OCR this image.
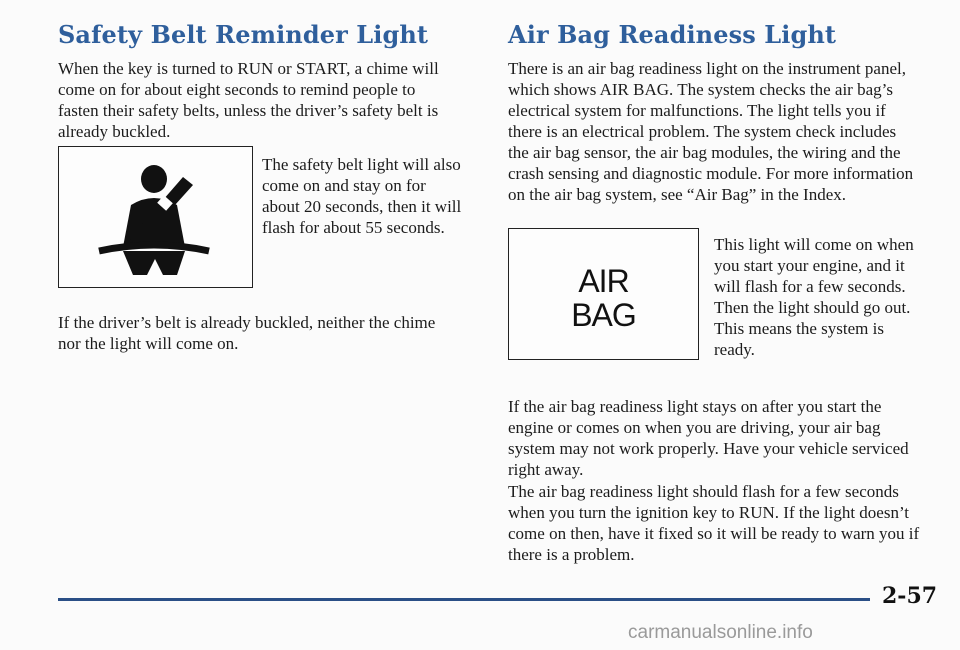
Safety Belt Reminder Light

When the key is turned to RUN or START, a chime will come on for about eight seconds to remind people to fasten their safety belts, unless the driver’s safety belt is already buckled.

The safety belt light will also come on and stay on for about 20 seconds, then it will flash for about 55 seconds.

If the driver’s belt is already buckled, neither the chime nor the light will come on.

Air Bag Readiness Light

There is an air bag readiness light on the instrument panel, which shows AIR BAG. The system checks the air bag’s electrical system for malfunctions. The light tells you if there is an electrical problem. The system check includes the air bag sensor, the air bag modules, the wiring and the crash sensing and diagnostic module. For more information on the air bag system, see “Air Bag” in the Index.

AIR
BAG

This light will come on when you start your engine, and it will flash for a few seconds. Then the light should go out. This means the system is ready.

If the air bag readiness light stays on after you start the engine or comes on when you are driving, your air bag system may not work properly. Have your vehicle serviced right away.

The air bag readiness light should flash for a few seconds when you turn the ignition key to RUN. If the light doesn’t come on then, have it fixed so it will be ready to warn you if there is a problem.

2-57
carmanualsonline.info
